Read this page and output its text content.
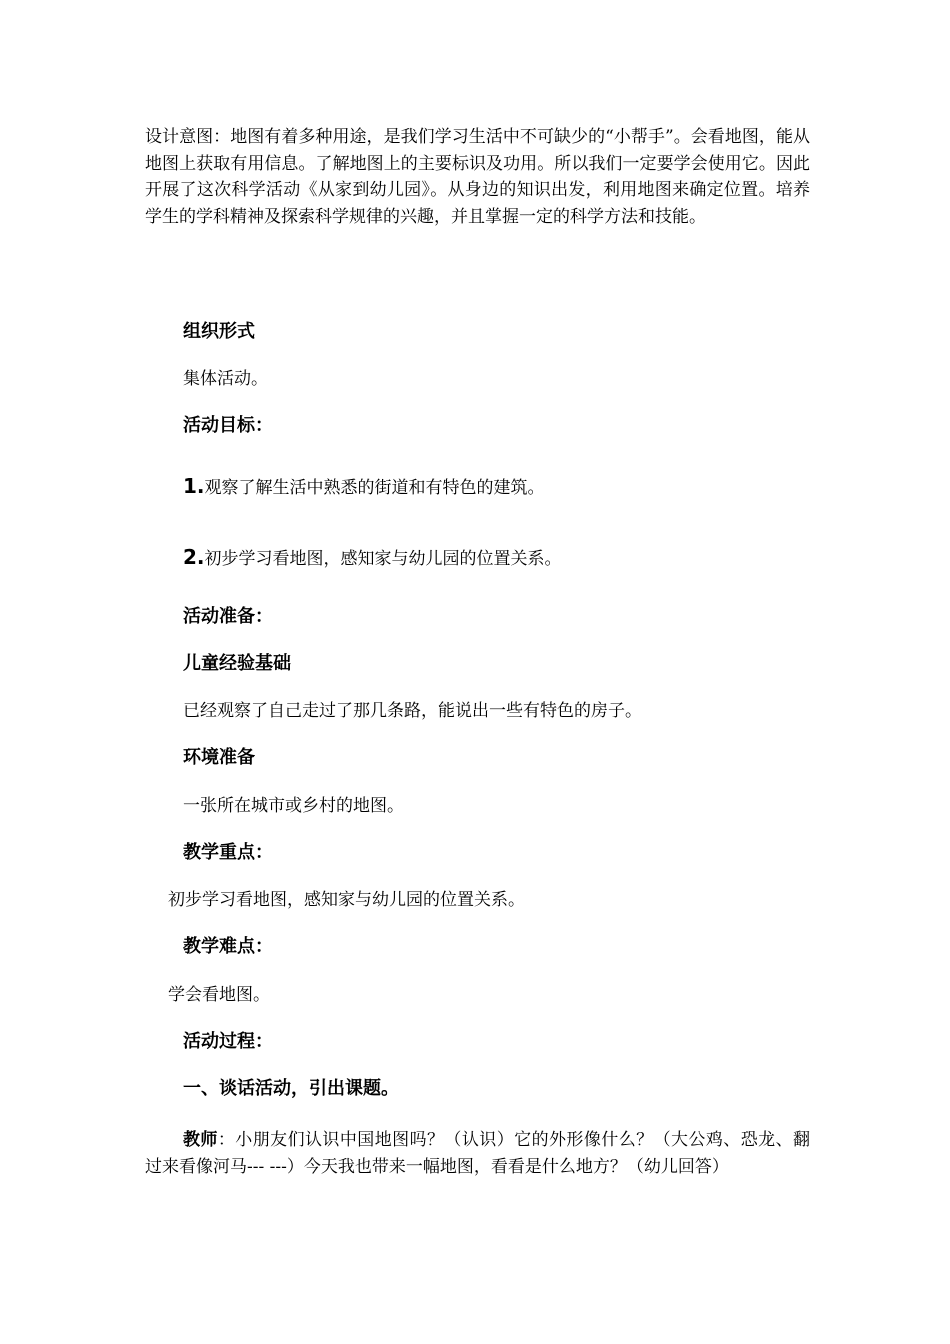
设计意图：地图有着多种用途，是我们学习生活中不可缺少的“小帮手”。会看地图，能从地图上获取有用信息。了解地图上的主要标识及功用。所以我们一定要学会使用它。因此开展了这次科学活动《从家到幼儿园》。从身边的知识出发，利用地图来确定位置。培养学生的学科精神及探索科学规律的兴趣，并且掌握一定的科学方法和技能。

组织形式

集体活动。

活动目标：

1.观察了解生活中熟悉的街道和有特色的建筑。

2.初步学习看地图，感知家与幼儿园的位置关系。

活动准备：

儿童经验基础

已经观察了自己走过了那几条路，能说出一些有特色的房子。

环境准备

一张所在城市或乡村的地图。

教学重点：

初步学习看地图，感知家与幼儿园的位置关系。

教学难点：

学会看地图。

活动过程：

一、谈话活动，引出课题。

教师：小朋友们认识中国地图吗？（认识）它的外形像什么？（大公鸡、恐龙、翻过来看像河马--- ---）今天我也带来一幅地图，看看是什么地方？（幼儿回答）
